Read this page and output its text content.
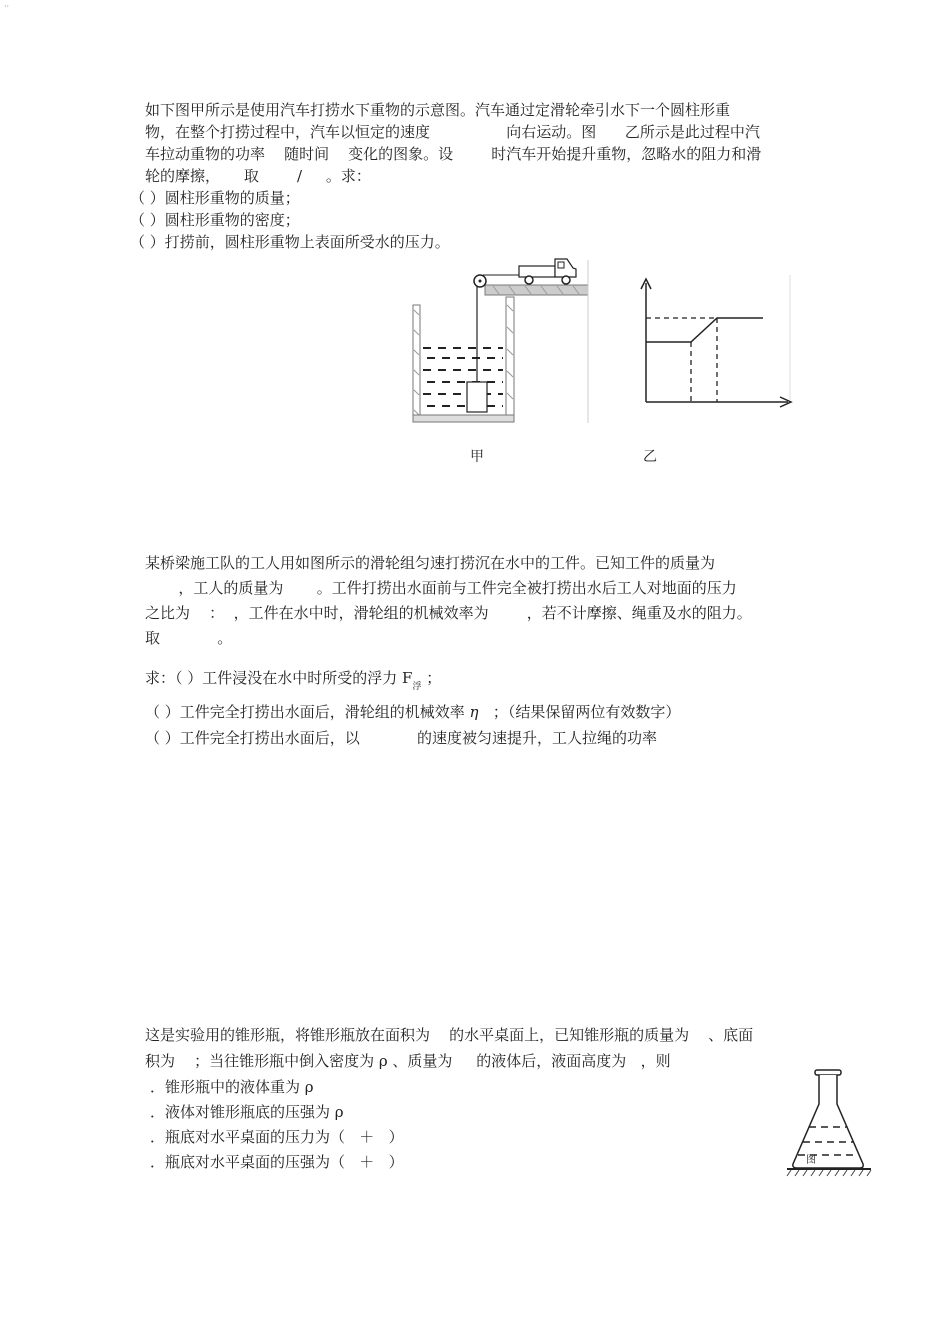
··
如下图甲所示是使用汽车打捞水下重物的示意图。汽车通过定滑轮牵引水下一个圆柱形重
物，在整个打捞过程中，汽车以恒定的速度                向右运动。图      乙所示是此过程中汽
车拉动重物的功率    随时间    变化的图象。设        时汽车开始提升重物，忽略水的阻力和滑
轮的摩擦，     取        /     。求：
（ ）圆柱形重物的质量；
（ ）圆柱形重物的密度；
（ ）打捞前，圆柱形重物上表面所受水的压力。
甲	乙
某桥梁施工队的工人用如图所示的滑轮组匀速打捞沉在水中的工件。已知工件的质量为
，工人的质量为       。工件打捞出水面前与工件完全被打捞出水后工人对地面的压力
之比为    ：  ，工件在水中时，滑轮组的机械效率为        ，若不计摩擦、绳重及水的阻力。
取            。
求：（ ）工件浸没在水中时所受的浮力 $F_浮$ ；
（ ）工件完全打捞出水面后，滑轮组的机械效率 η   ；（结果保留两位有效数字）
（ ）工件完全打捞出水面后，以            的速度被匀速提升，工人拉绳的功率
这是实验用的锥形瓶，将锥形瓶放在面积为    的水平桌面上，已知锥形瓶的质量为    、底面
积为    ；当往锥形瓶中倒入密度为 ρ 、质量为     的液体后，液面高度为   ，则
．锥形瓶中的液体重为 ρ
．液体对锥形瓶底的压强为 ρ
．瓶底对水平桌面的压力为（   ＋   ）
．瓶底对水平桌面的压强为（   ＋   ）	图
